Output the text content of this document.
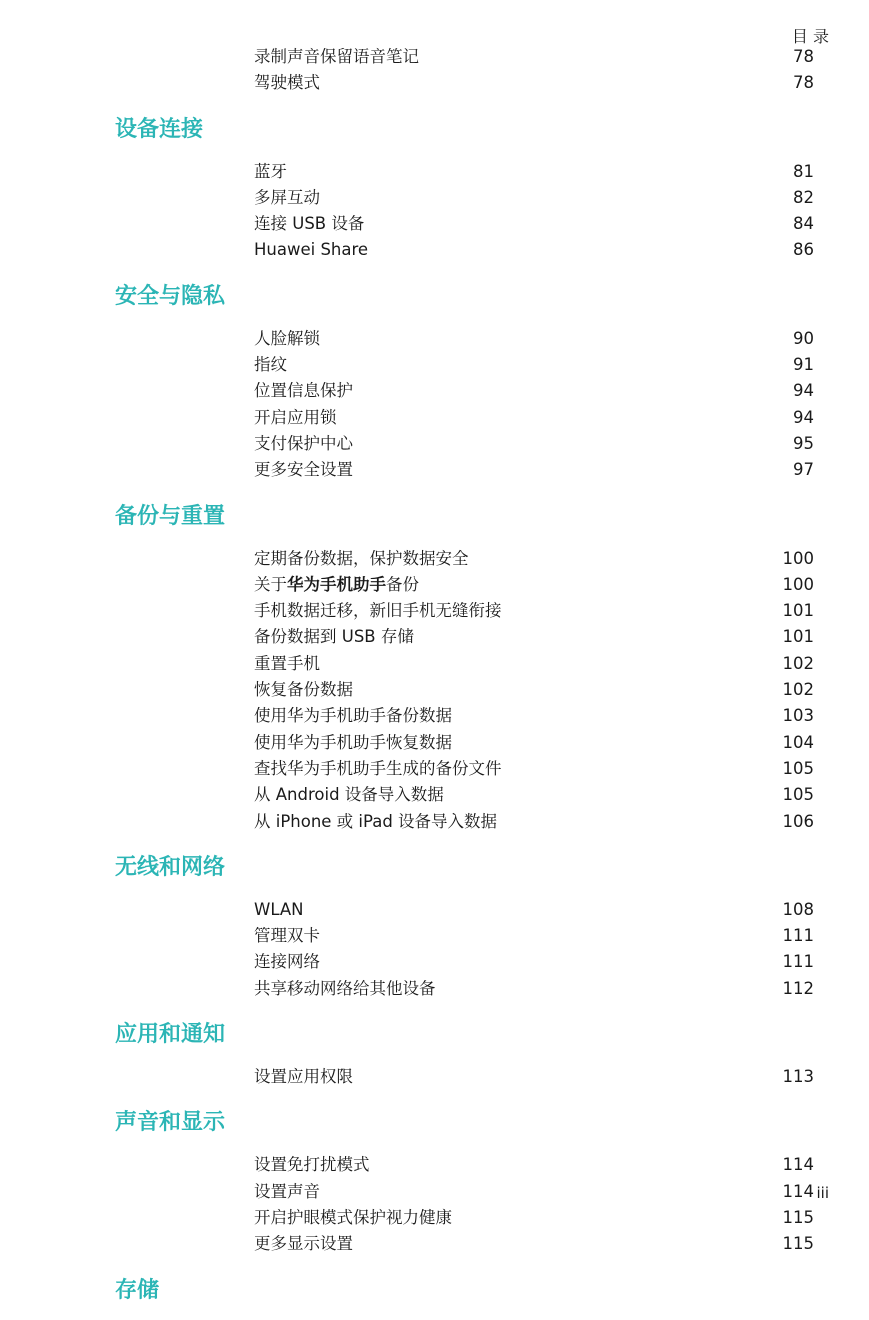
目 录
录制声音保留语音笔记	78
驾驶模式	78
设备连接
蓝牙	81
多屏互动	82
连接 USB 设备	84
Huawei Share	86
安全与隐私
人脸解锁	90
指纹	91
位置信息保护	94
开启应用锁	94
支付保护中心	95
更多安全设置	97
备份与重置
定期备份数据，保护数据安全	100
关于华为手机助手备份	100
手机数据迁移，新旧手机无缝衔接	101
备份数据到 USB 存储	101
重置手机	102
恢复备份数据	102
使用华为手机助手备份数据	103
使用华为手机助手恢复数据	104
查找华为手机助手生成的备份文件	105
从 Android 设备导入数据	105
从 iPhone 或 iPad 设备导入数据	106
无线和网络
WLAN	108
管理双卡	111
连接网络	111
共享移动网络给其他设备	112
应用和通知
设置应用权限	113
声音和显示
设置免打扰模式	114
设置声音	114
开启护眼模式保护视力健康	115
更多显示设置	115
存储
iii
